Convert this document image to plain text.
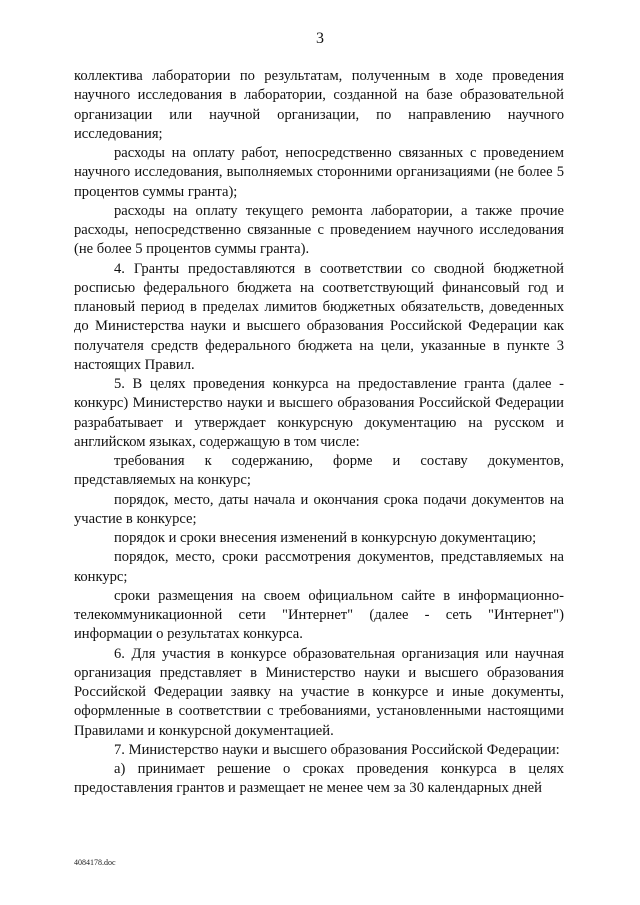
3

коллектива лаборатории по результатам, полученным в ходе проведения научного исследования в лаборатории, созданной на базе образовательной организации или научной организации, по направлению научного исследования;

расходы на оплату работ, непосредственно связанных с проведением научного исследования, выполняемых сторонними организациями (не более 5 процентов суммы гранта);

расходы на оплату текущего ремонта лаборатории, а также прочие расходы, непосредственно связанные с проведением научного исследования (не более 5 процентов суммы гранта).

4. Гранты предоставляются в соответствии со сводной бюджетной росписью федерального бюджета на соответствующий финансовый год и плановый период в пределах лимитов бюджетных обязательств, доведенных до Министерства науки и высшего образования Российской Федерации как получателя средств федерального бюджета на цели, указанные в пункте 3 настоящих Правил.

5. В целях проведения конкурса на предоставление гранта (далее - конкурс) Министерство науки и высшего образования Российской Федерации разрабатывает и утверждает конкурсную документацию на русском и английском языках, содержащую в том числе:

требования к содержанию, форме и составу документов, представляемых на конкурс;

порядок, место, даты начала и окончания срока подачи документов на участие в конкурсе;

порядок и сроки внесения изменений в конкурсную документацию;

порядок, место, сроки рассмотрения документов, представляемых на конкурс;

сроки размещения на своем официальном сайте в информационно-телекоммуникационной сети "Интернет" (далее - сеть "Интернет") информации о результатах конкурса.

6. Для участия в конкурсе образовательная организация или научная организация представляет в Министерство науки и высшего образования Российской Федерации заявку на участие в конкурсе и иные документы, оформленные в соответствии с требованиями, установленными настоящими Правилами и конкурсной документацией.

7. Министерство науки и высшего образования Российской Федерации:

а) принимает решение о сроках проведения конкурса в целях предоставления грантов и размещает не менее чем за 30 календарных дней

4084178.doc
